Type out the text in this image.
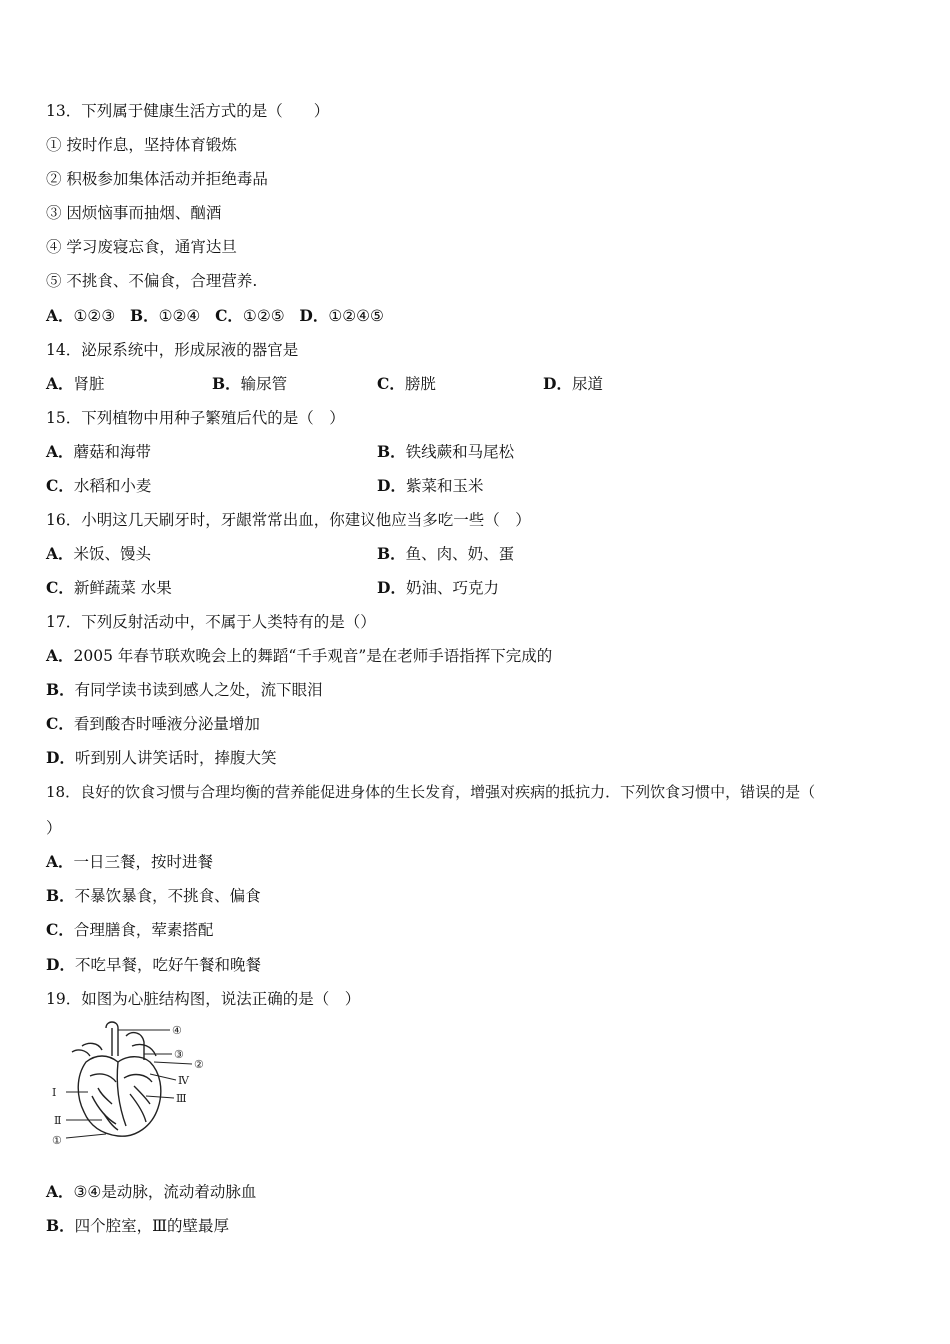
13．下列属于健康生活方式的是（　　）
① 按时作息，坚持体育锻炼
② 积极参加集体活动并拒绝毒品
③ 因烦恼事而抽烟、酗酒
④ 学习废寝忘食，通宵达旦
⑤ 不挑食、不偏食，合理营养.
A．①②③ B．①②④ C．①②⑤ D．①②④⑤
14．泌尿系统中，形成尿液的器官是
A．肾脏	B．输尿管	C．膀胱	D．尿道
15．下列植物中用种子繁殖后代的是（　）
A．蘑菇和海带	B．铁线蕨和马尾松
C．水稻和小麦	D．紫菜和玉米
16．小明这几天刷牙时，牙龈常常出血，你建议他应当多吃一些（　）
A．米饭、馒头	B．鱼、肉、奶、蛋
C．新鲜蔬菜 水果	D．奶油、巧克力
17．下列反射活动中，不属于人类特有的是（）
A．2005 年春节联欢晚会上的舞蹈“千手观音”是在老师手语指挥下完成的
B．有同学读书读到感人之处，流下眼泪
C．看到酸杏时唾液分泌量增加
D．听到别人讲笑话时，捧腹大笑
18．良好的饮食习惯与合理均衡的营养能促进身体的生长发育，增强对疾病的抵抗力．下列饮食习惯中，错误的是（
）
A．一日三餐，按时进餐
B．不暴饮暴食，不挑食、偏食
C．合理膳食，荤素搭配
D．不吃早餐，吃好午餐和晚餐
19．如图为心脏结构图，说法正确的是（　）
④
③
②
Ⅳ
Ⅲ
Ⅰ
Ⅱ
①
A．③④是动脉，流动着动脉血
B．四个腔室，Ⅲ的壁最厚
